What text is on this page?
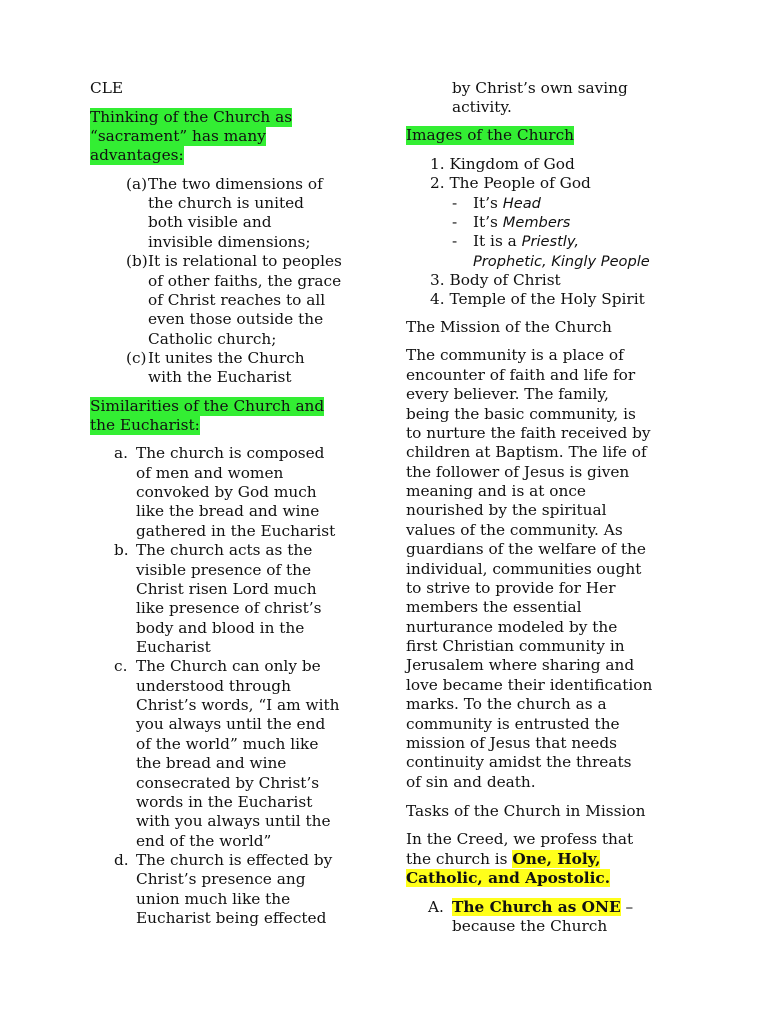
CLE
Thinking of the Church as
“sacrament” has many
advantages:
(a) The two dimensions of
the church is united
both visible and
invisible dimensions;
(b) It is relational to peoples
of other faiths, the grace
of Christ reaches to all
even those outside the
Catholic church;
(c) It unites the Church
with the Eucharist
Similarities of the Church and
the Eucharist:
a. The church is composed
of men and women
convoked by God much
like the bread and wine
gathered in the Eucharist
b. The church acts as the
visible presence of the
Christ risen Lord much
like presence of christ’s
body and blood in the
Eucharist
c. The Church can only be
understood through
Christ’s words, “I am with
you always until the end
of the world” much like
the bread and wine
consecrated by Christ’s
words in the Eucharist
with you always until the
end of the world”
d. The church is effected by
Christ’s presence ang
union much like the
Eucharist being effected
by Christ’s own saving
activity.
Images of the Church
1. Kingdom of God
2. The People of God
- It’s Head
- It’s Members
- It is a Priestly,
Prophetic, Kingly People
3. Body of Christ
4. Temple of the Holy Spirit
The Mission of the Church
The community is a place of
encounter of faith and life for
every believer. The family,
being the basic community, is
to nurture the faith received by
children at Baptism. The life of
the follower of Jesus is given
meaning and is at once
nourished by the spiritual
values of the community. As
guardians of the welfare of the
individual, communities ought
to strive to provide for Her
members the essential
nurturance modeled by the
first Christian community in
Jerusalem where sharing and
love became their identification
marks. To the church as a
community is entrusted the
mission of Jesus that needs
continuity amidst the threats
of sin and death.
Tasks of the Church in Mission
In the Creed, we profess that
the church is One, Holy,
Catholic, and Apostolic.
A. The Church as ONE –
because the Church
